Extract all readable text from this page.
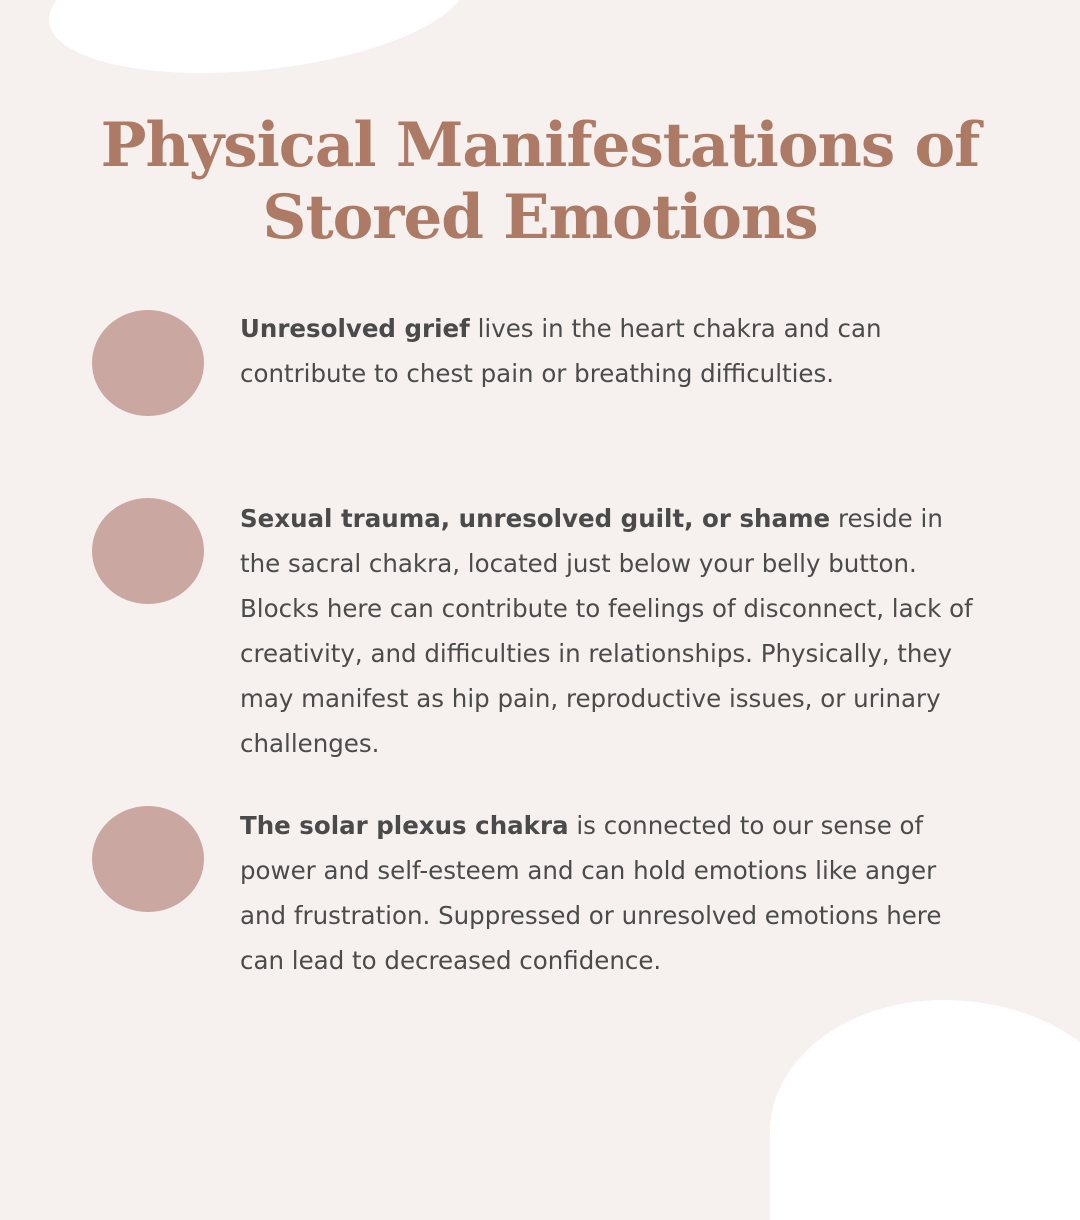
Physical Manifestations of
Stored Emotions

Unresolved grief lives in the heart chakra and can contribute to chest pain or breathing difficulties.

Sexual trauma, unresolved guilt, or shame reside in the sacral chakra, located just below your belly button. Blocks here can contribute to feelings of disconnect, lack of creativity, and difficulties in relationships. Physically, they may manifest as hip pain, reproductive issues, or urinary challenges.

The solar plexus chakra is connected to our sense of power and self-esteem and can hold emotions like anger and frustration. Suppressed or unresolved emotions here can lead to decreased confidence.
